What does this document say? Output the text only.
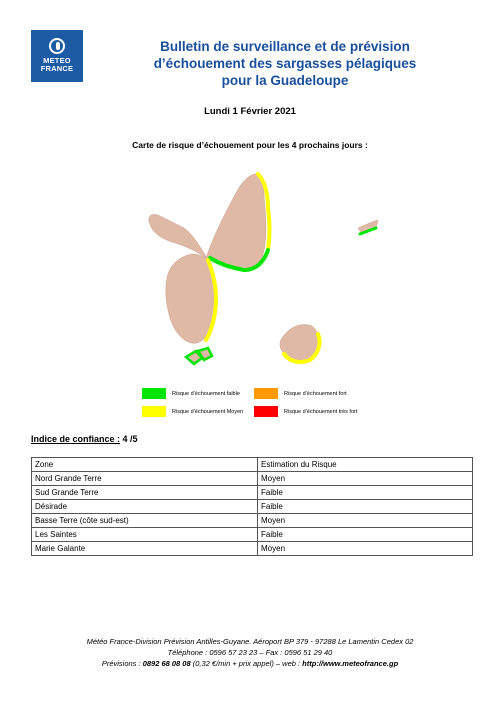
METEO
FRANCE
Bulletin de surveillance et de prévision
d’échouement des sargasses pélagiques
pour la Guadeloupe
Lundi 1 Février 2021
Carte de risque d’échouement pour les 4 prochains jours :
Risque d’échouement faible	Risque d’échouement fort
Risque d’échouement Moyen	Risque d’échouement très fort
Indice de confiance : 4 /5
Zone	Estimation du Risque
Nord Grande Terre	Moyen
Sud Grande Terre	Faible
Désirade	Faible
Basse Terre (côte sud-est)	Moyen
Les Saintes	Faible
Marie Galante	Moyen
Météo France-Division Prévision Antilles-Guyane. Aéroport BP 379 - 97288 Le Lamentin Cedex 02
Téléphone : 0596 57 23 23 – Fax : 0596 51 29 40
Prévisions : 0892 68 08 08 (0,32 €/min + prix appel) – web : http://www.meteofrance.gp
